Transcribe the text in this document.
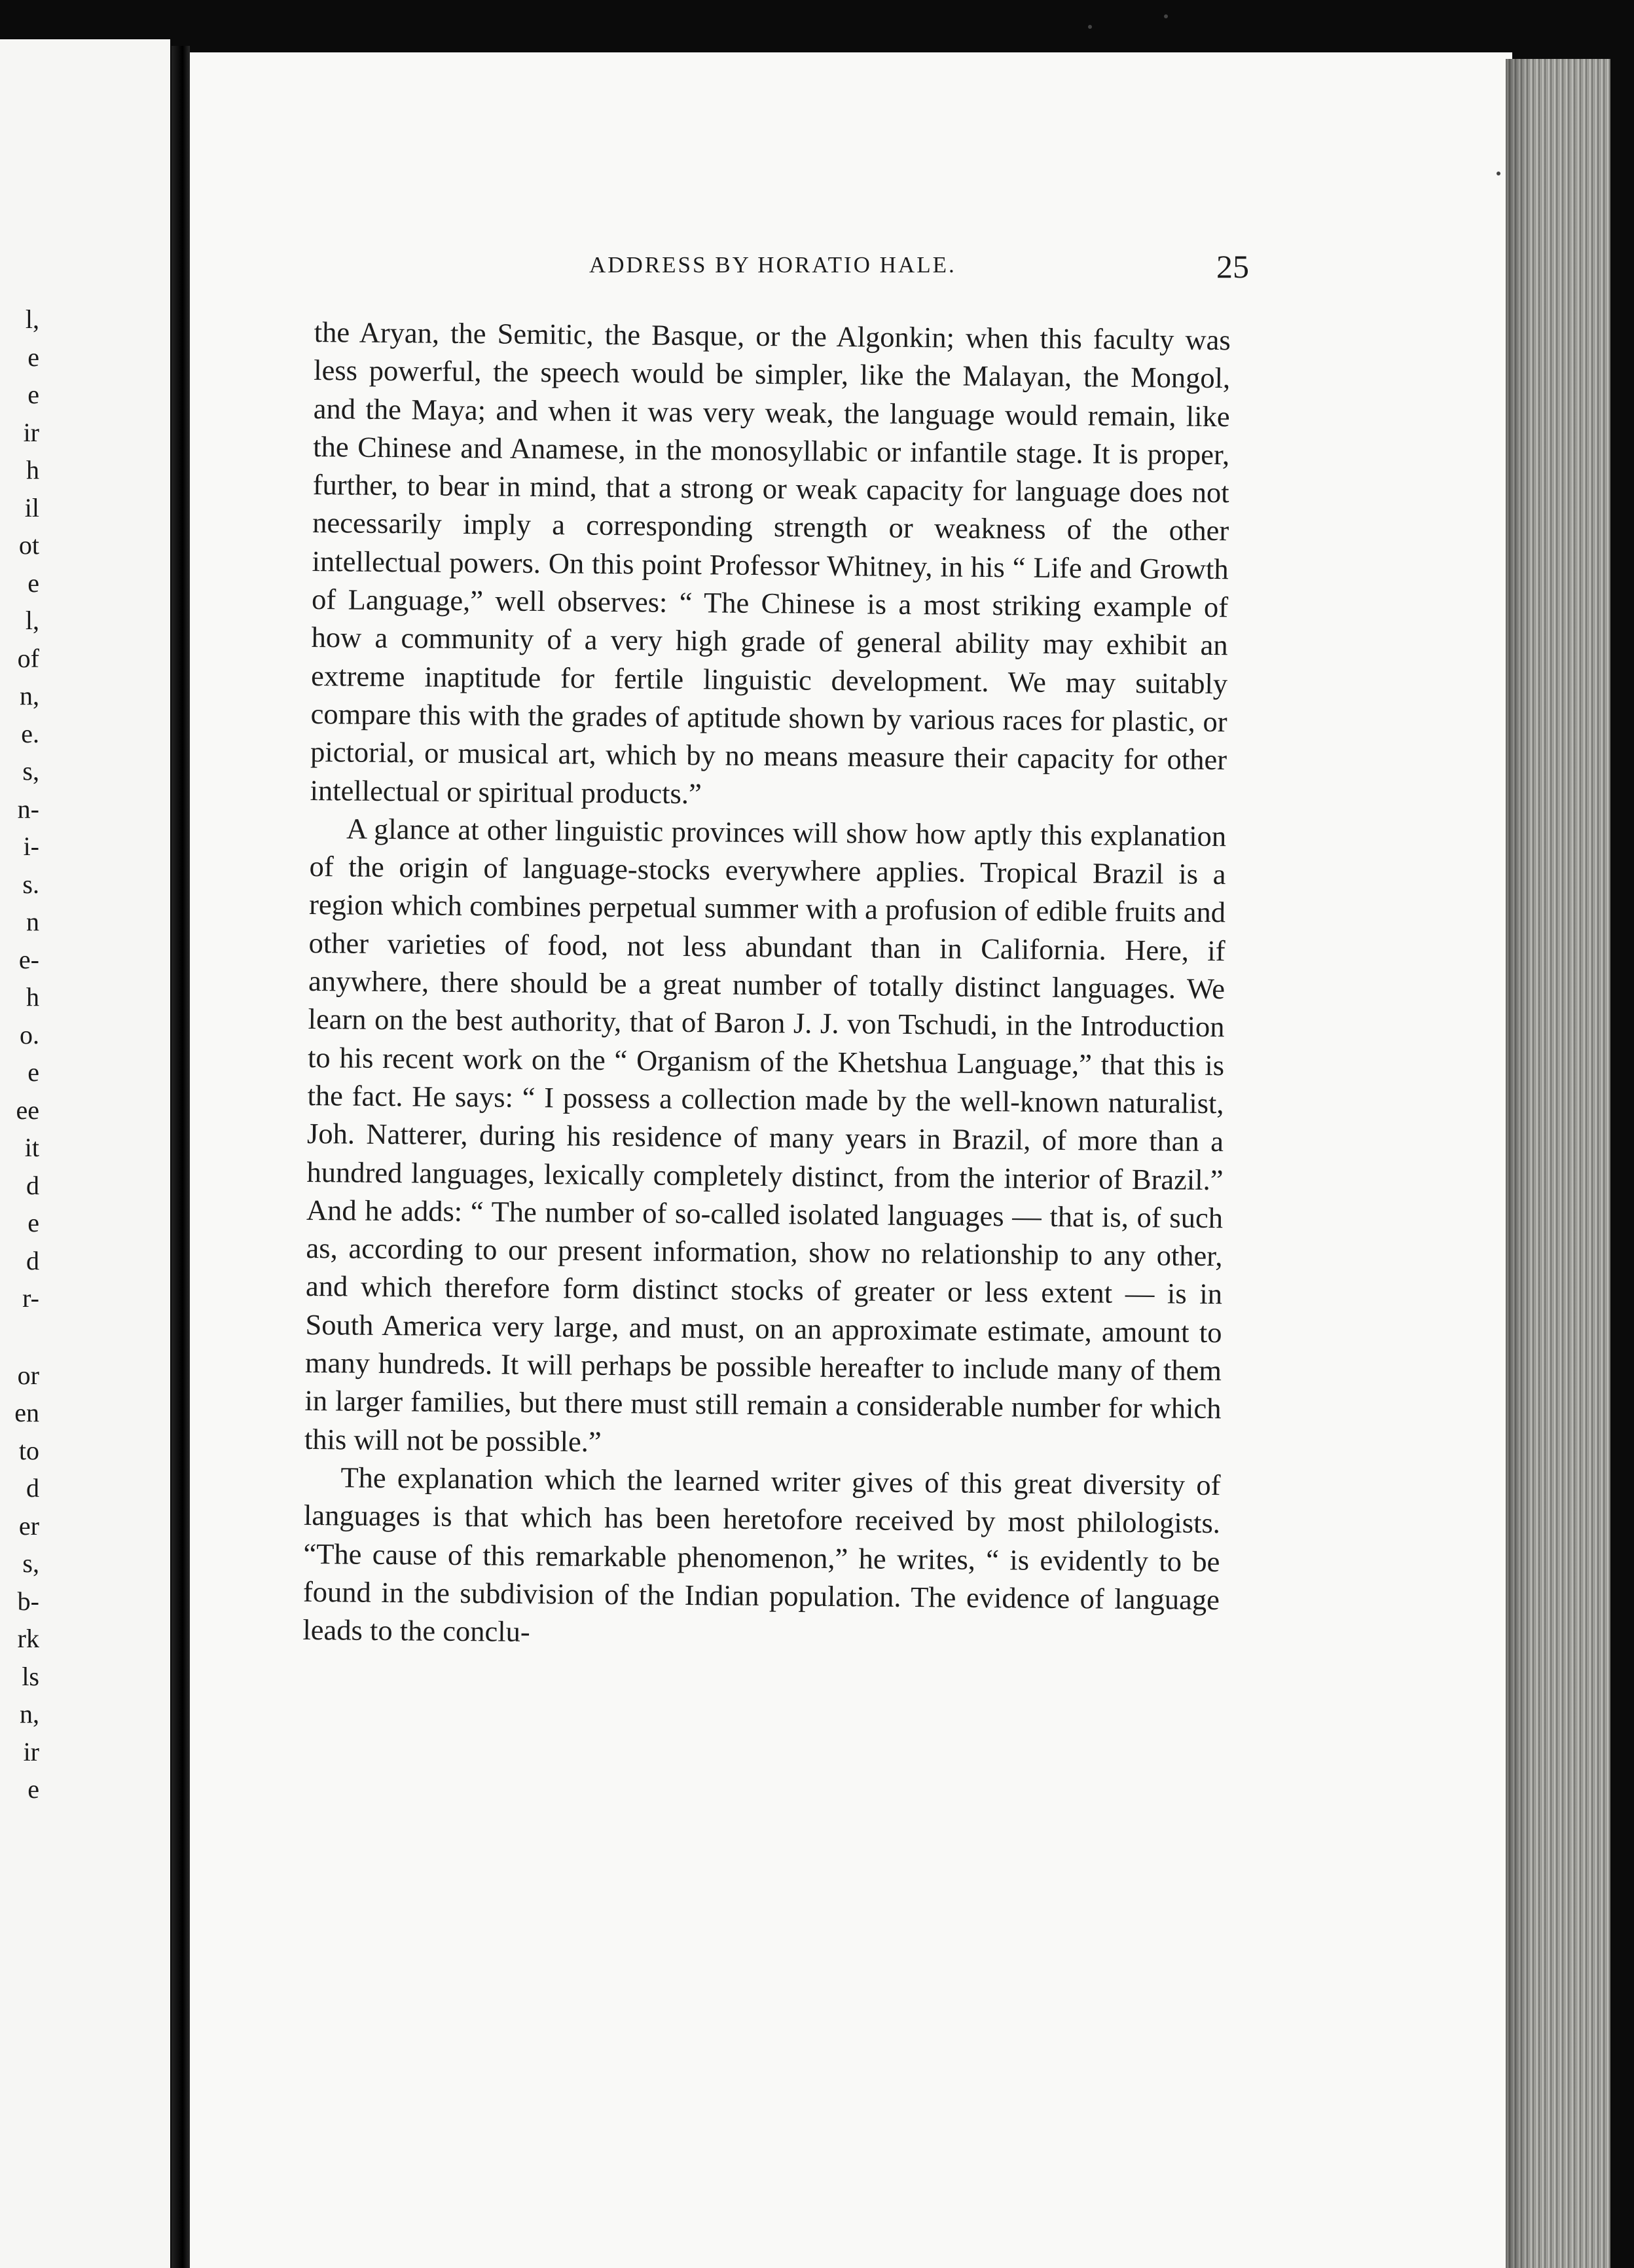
l,
e
e
ir
h
il
ot
e
l,
of
n,
e.
s,
n-
i-
s.
n
e-
h
o.
e
ee
it
d
e
d
r-
or
en
to
d
er
s,
b-
rk
ls
n,
ir
e
ADDRESS BY HORATIO HALE.	25

the Aryan, the Semitic, the Basque, or the Algonkin; when this faculty was less powerful, the speech would be simpler, like the Malayan, the Mongol, and the Maya; and when it was very weak, the language would remain, like the Chinese and Anamese, in the monosyllabic or infantile stage. It is proper, further, to bear in mind, that a strong or weak capacity for language does not necessarily imply a corresponding strength or weakness of the other intellectual powers. On this point Professor Whitney, in his “ Life and Growth of Language,” well observes: “ The Chinese is a most striking example of how a community of a very high grade of general ability may exhibit an extreme inaptitude for fertile linguistic development. We may suitably compare this with the grades of aptitude shown by various races for plastic, or pictorial, or musical art, which by no means measure their capacity for other intellectual or spiritual products.”

A glance at other linguistic provinces will show how aptly this explanation of the origin of language-stocks everywhere applies. Tropical Brazil is a region which combines perpetual summer with a profusion of edible fruits and other varieties of food, not less abundant than in California. Here, if anywhere, there should be a great number of totally distinct languages. We learn on the best authority, that of Baron J. J. von Tschudi, in the Introduction to his recent work on the “ Organism of the Khetshua Language,” that this is the fact. He says: “ I possess a collection made by the well-known naturalist, Joh. Natterer, during his residence of many years in Brazil, of more than a hundred languages, lexically completely distinct, from the interior of Brazil.” And he adds: “ The number of so-called isolated languages — that is, of such as, according to our present information, show no relationship to any other, and which therefore form distinct stocks of greater or less extent — is in South America very large, and must, on an approximate estimate, amount to many hundreds. It will perhaps be possible hereafter to include many of them in larger families, but there must still remain a considerable number for which this will not be possible.”

The explanation which the learned writer gives of this great diversity of languages is that which has been heretofore received by most philologists. “The cause of this remarkable phenomenon,” he writes, “ is evidently to be found in the subdivision of the Indian population. The evidence of language leads to the conclu-
